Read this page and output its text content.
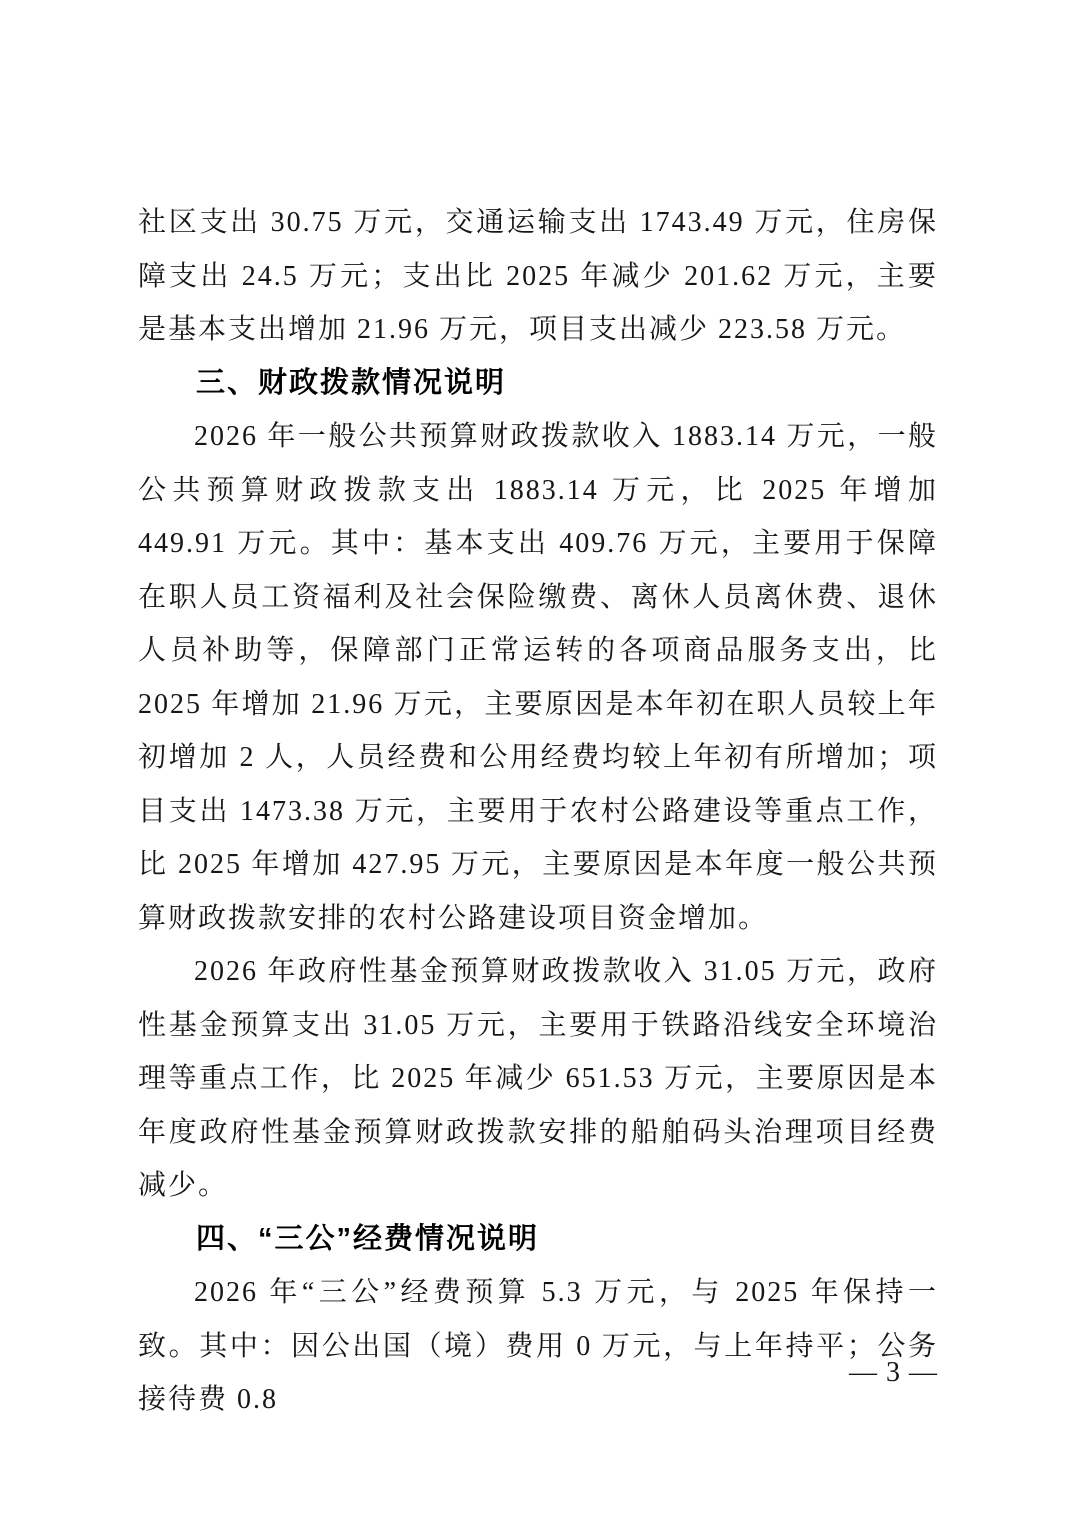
社区支出 30.75 万元，交通运输支出 1743.49 万元，住房保障支出 24.5 万元；支出比 2025 年减少 201.62 万元，主要是基本支出增加 21.96 万元，项目支出减少 223.58 万元。

三、财政拨款情况说明

2026 年一般公共预算财政拨款收入 1883.14 万元，一般公共预算财政拨款支出 1883.14 万元，比 2025 年增加 449.91 万元。其中：基本支出 409.76 万元，主要用于保障在职人员工资福利及社会保险缴费、离休人员离休费、退休人员补助等，保障部门正常运转的各项商品服务支出，比 2025 年增加 21.96 万元，主要原因是本年初在职人员较上年初增加 2 人，人员经费和公用经费均较上年初有所增加；项目支出 1473.38 万元，主要用于农村公路建设等重点工作，比 2025 年增加 427.95 万元，主要原因是本年度一般公共预算财政拨款安排的农村公路建设项目资金增加。

2026 年政府性基金预算财政拨款收入 31.05 万元，政府性基金预算支出 31.05 万元，主要用于铁路沿线安全环境治理等重点工作，比 2025 年减少 651.53 万元，主要原因是本年度政府性基金预算财政拨款安排的船舶码头治理项目经费减少。

四、“三公”经费情况说明

2026 年“三公”经费预算 5.3 万元，与 2025 年保持一致。其中：因公出国（境）费用 0 万元，与上年持平；公务接待费 0.8

— 3 —
